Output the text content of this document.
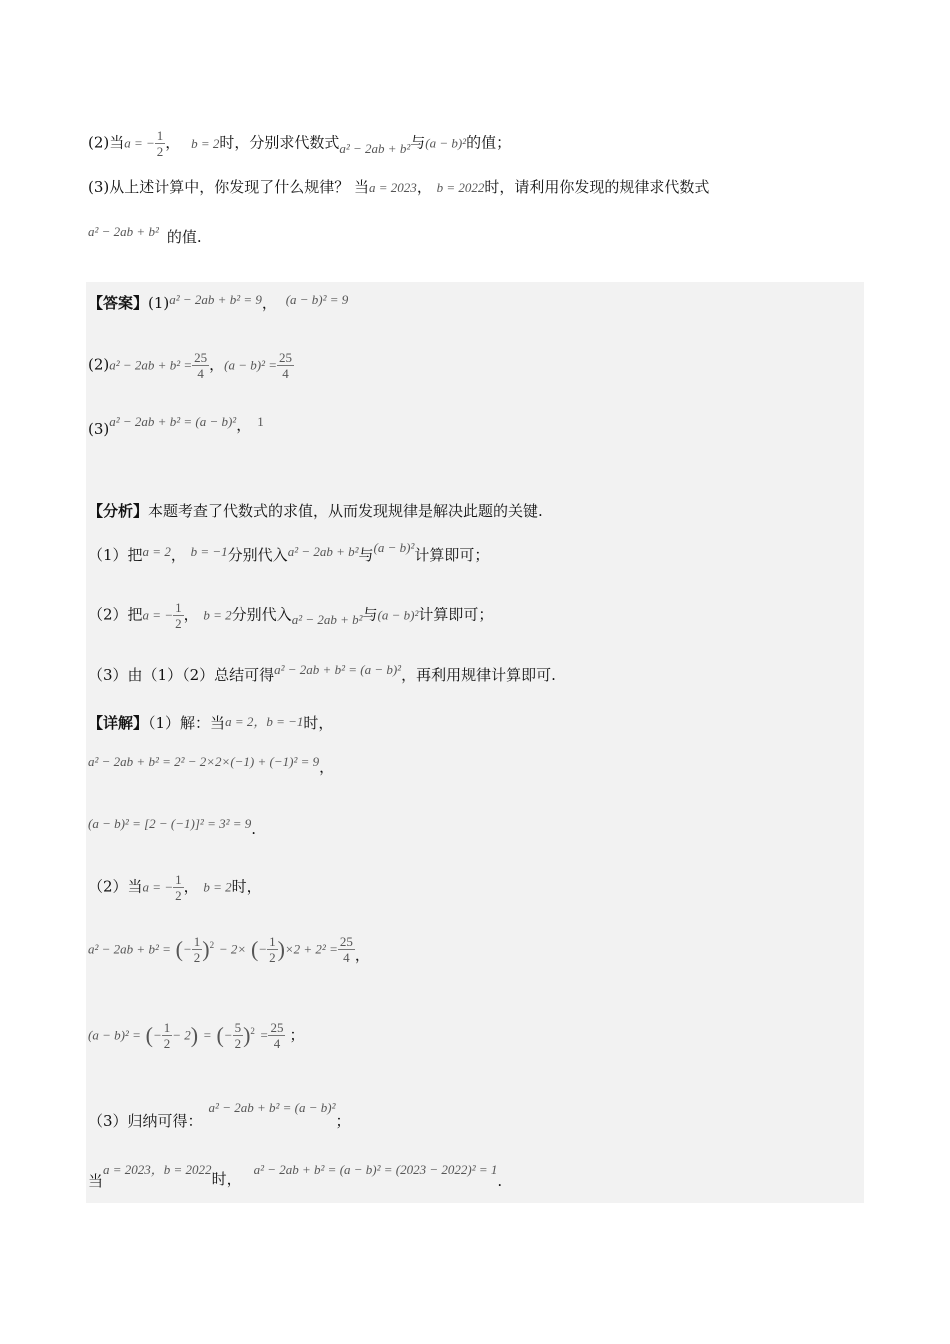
(2)当a = − $\frac{1}{2}$ ， b = 2时，分别求代数式a² − 2ab + b²与(a − b)²的值；
(3)从上述计算中，你发现了什么规律？ 当a = 2023， b = 2022时，请利用你发现的规律求代数式
a² − 2ab + b² 的值.
【答案】(1)a² − 2ab + b² = 9， (a − b)² = 9
$(2)a^2 - 2ab + b^2 = \frac{25}{4}$ ，$(a - b)^2 = \frac{25}{4}$
(3)a² − 2ab + b² = (a − b)²， 1
【分析】本题考查了代数式的求值，从而发现规律是解决此题的关键.
（1）把a = 2， b = −1分别代入a² − 2ab + b²与(a − b)²计算即可；
（2）把a = − $\frac{1}{2}$ ， b = 2分别代入a² − 2ab + b²与(a − b)²计算即可；
（3）由（1）（2）总结可得a² − 2ab + b² = (a − b)²，再利用规律计算即可.
【详解】（1）解：当a = 2，b = −1时，
a² − 2ab + b² = 2² − 2×2×(−1) + (−1)² = 9，
(a − b)² = [2 − (−1)]² = 3² = 9.
（2）当a = − $\frac{1}{2}$ ， b = 2时，
a² − 2ab + b² = (− $\frac{1}{2} )^2 - 2\times$ (− $\frac{1}{2} )\times 2 + 2^2 = \frac{25}{4}$ ，
(a − b)² = (− $\frac{1}{2} - 2$) = (− $\frac{5}{2} )^2 = \frac{25}{4}$ ；
（3）归纳可得：a² − 2ab + b² = (a − b)²；
当a = 2023，b = 2022时，a² − 2ab + b² = (a − b)² = (2023 − 2022)² = 1.
